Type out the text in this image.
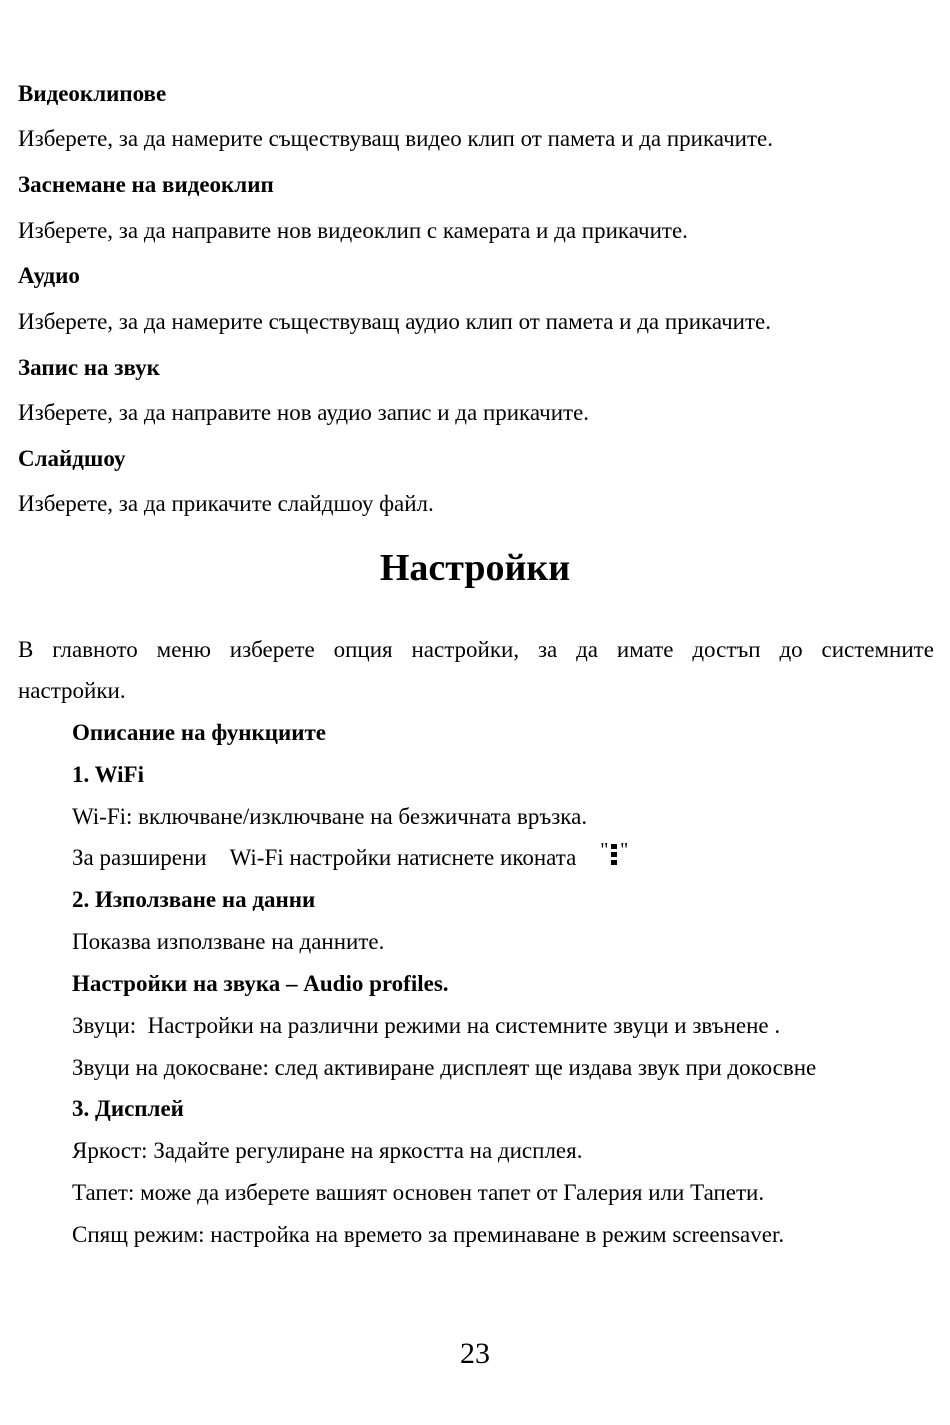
Видеоклипове
Изберете, за да намерите съществуващ видео клип от памета и да прикачите.
Заснемане на видеоклип
Изберете, за да направите нов видеоклип с камерата и да прикачите.
Аудио
Изберете, за да намерите съществуващ аудио клип от памета и да прикачите.
Запис на звук
Изберете, за да направите нов аудио запис и да прикачите.
Слайдшоу
Изберете, за да прикачите слайдшоу файл.
Настройки
В главното меню изберете опция настройки, за да имате достъп до системните
настройки.
Описание на функциите
1. WiFi
Wi-Fi: включване/изключване на безжичната връзка.
За разширени    Wi-Fi настройки натиснете иконата " "
2. Използване на данни
Показва използване на данните.
Настройки на звука – Audio profiles.
Звуци:  Настройки на различни режими на системните звуци и звънене .
Звуци на докосване: след активиране дисплеят ще издава звук при докосвне
3. Дисплей
Яркост: Задайте регулиране на яркостта на дисплея.
Тапет: може да изберете вашият основен тапет от Галерия или Тапети.
Спящ режим: настройка на времето за преминаване в режим screensaver.
23
